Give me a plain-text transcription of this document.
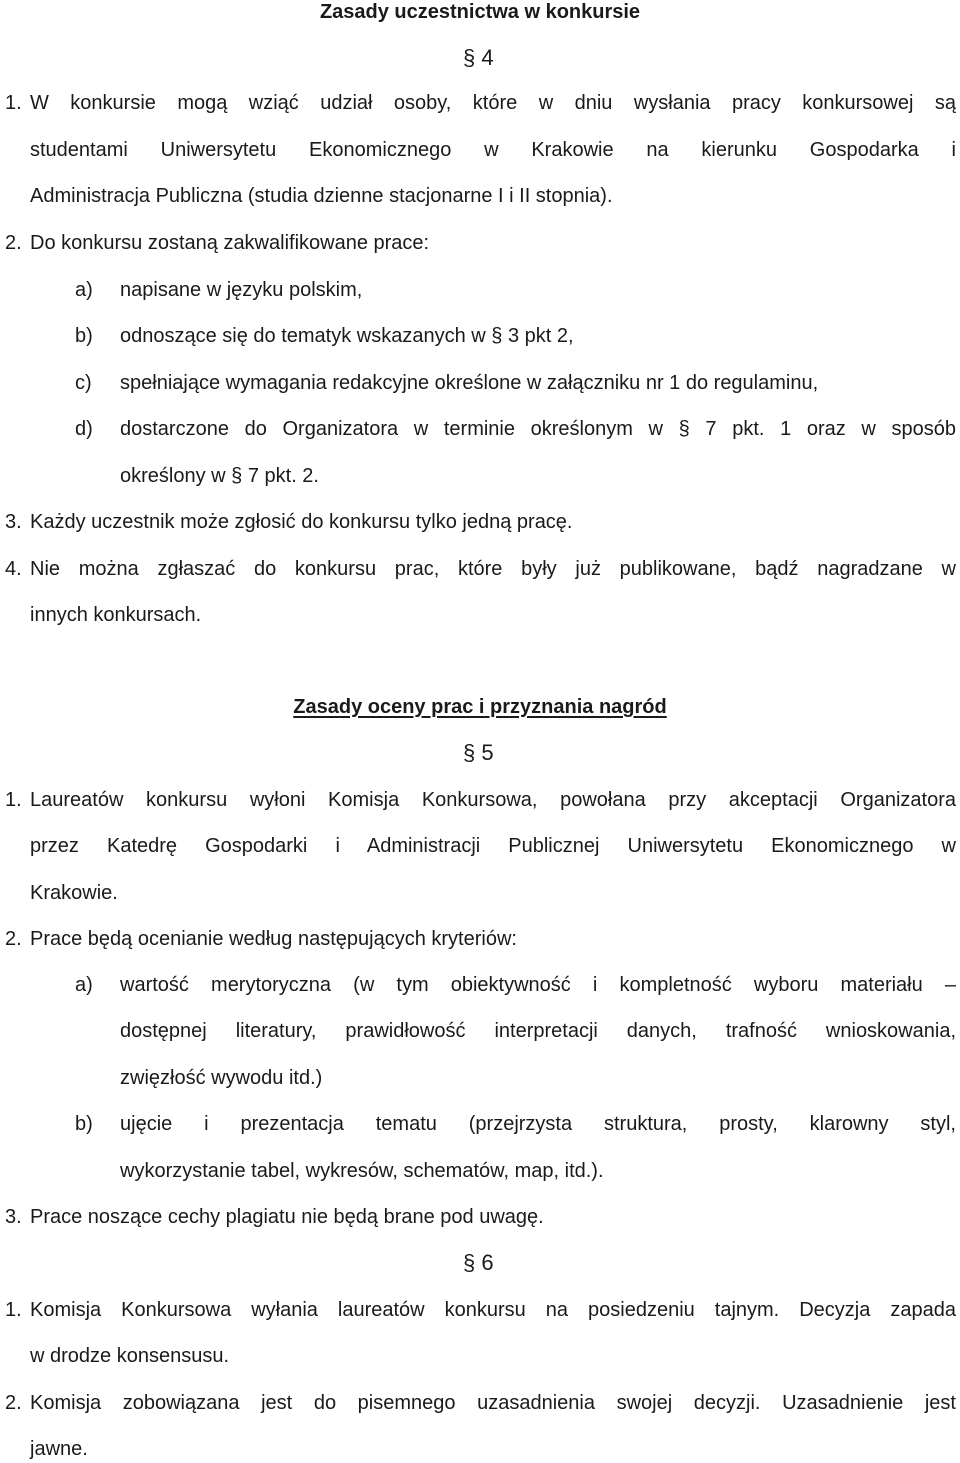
Zasady uczestnictwa w konkursie
§ 4
1. W konkursie mogą wziąć udział osoby, które w dniu wysłania pracy konkursowej są
studentami Uniwersytetu Ekonomicznego w Krakowie na kierunku Gospodarka i
Administracja Publiczna (studia dzienne stacjonarne I i II stopnia).
2. Do konkursu zostaną zakwalifikowane prace:
a) napisane w języku polskim,
b) odnoszące się do tematyk wskazanych w § 3 pkt 2,
c) spełniające wymagania redakcyjne określone w załączniku nr 1 do regulaminu,
d) dostarczone do Organizatora w terminie określonym w § 7 pkt. 1 oraz w sposób
określony w § 7 pkt. 2.
3. Każdy uczestnik może zgłosić do konkursu tylko jedną pracę.
4. Nie można zgłaszać do konkursu prac, które były już publikowane, bądź nagradzane w
innych konkursach.
Zasady oceny prac i przyznania nagród
§ 5
1. Laureatów konkursu wyłoni Komisja Konkursowa, powołana przy akceptacji Organizatora
przez Katedrę Gospodarki i Administracji Publicznej Uniwersytetu Ekonomicznego w
Krakowie.
2. Prace będą ocenianie według następujących kryteriów:
a) wartość merytoryczna (w tym obiektywność i kompletność wyboru materiału –
dostępnej literatury, prawidłowość interpretacji danych, trafność wnioskowania,
zwięzłość wywodu itd.)
b) ujęcie i prezentacja tematu (przejrzysta struktura, prosty, klarowny styl,
wykorzystanie tabel, wykresów, schematów, map, itd.).
3. Prace noszące cechy plagiatu nie będą brane pod uwagę.
§ 6
1. Komisja Konkursowa wyłania laureatów konkursu na posiedzeniu tajnym. Decyzja zapada
w drodze konsensusu.
2. Komisja zobowiązana jest do pisemnego uzasadnienia swojej decyzji. Uzasadnienie jest
jawne.
